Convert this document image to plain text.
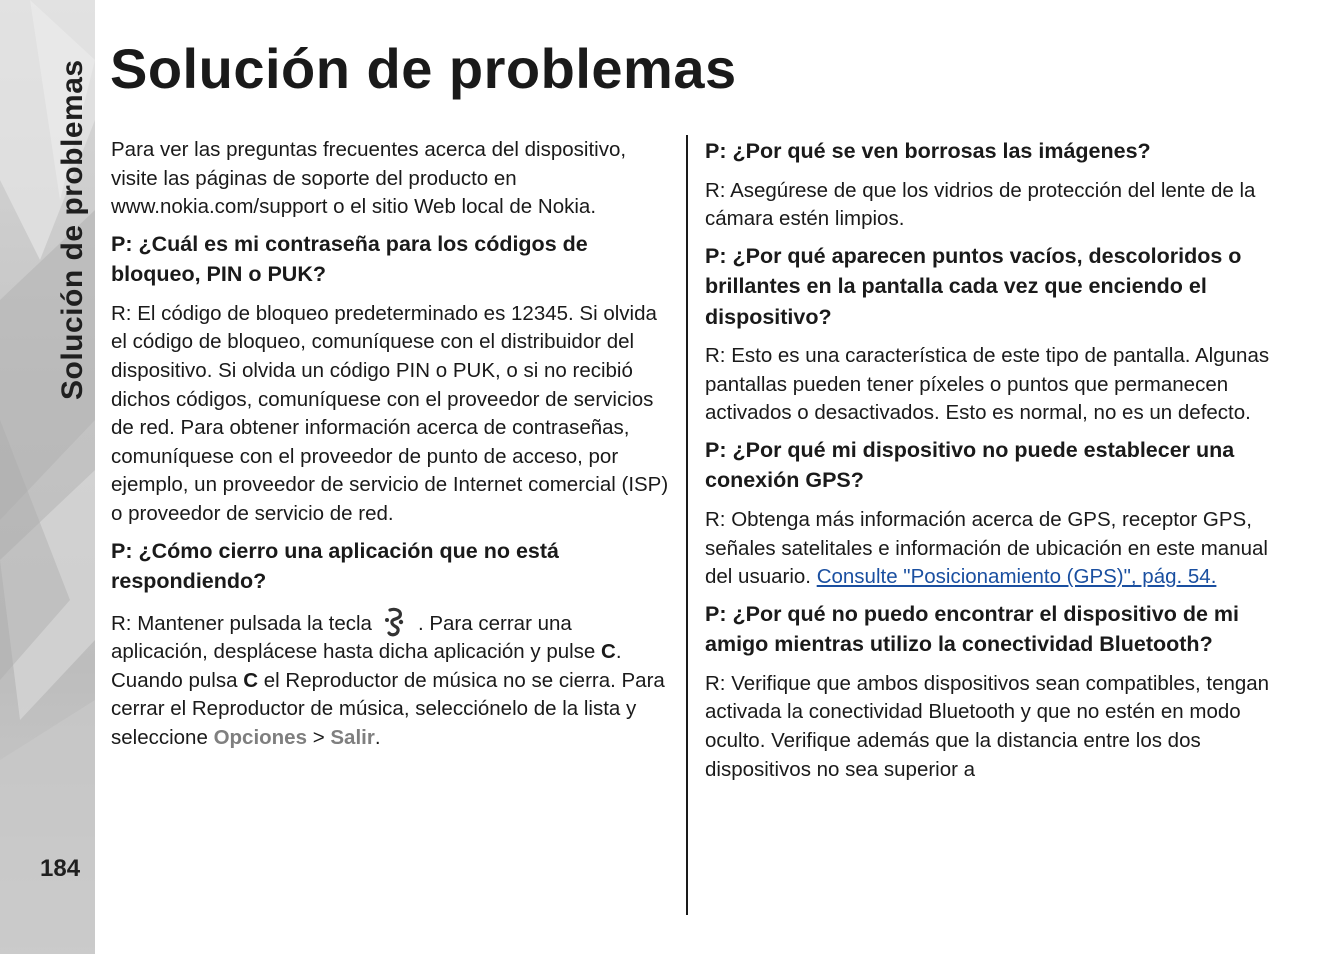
Solución de problemas
184
Solución de problemas

Para ver las preguntas frecuentes acerca del dispositivo, visite las páginas de soporte del producto en www.nokia.com/support o el sitio Web local de Nokia.

P: ¿Cuál es mi contraseña para los códigos de bloqueo, PIN o PUK?

R: El código de bloqueo predeterminado es 12345. Si olvida el código de bloqueo, comuníquese con el distribuidor del dispositivo. Si olvida un código PIN o PUK, o si no recibió dichos códigos, comuníquese con el proveedor de servicios de red. Para obtener información acerca de contraseñas, comuníquese con el proveedor de punto de acceso, por ejemplo, un proveedor de servicio de Internet comercial (ISP) o proveedor de servicio de red.

P: ¿Cómo cierro una aplicación que no está respondiendo?

R: Mantener pulsada la tecla . Para cerrar una aplicación, desplácese hasta dicha aplicación y pulse C. Cuando pulsa C el Reproductor de música no se cierra. Para cerrar el Reproductor de música, selecciónelo de la lista y seleccione Opciones > Salir.

P: ¿Por qué se ven borrosas las imágenes?

R: Asegúrese de que los vidrios de protección del lente de la cámara estén limpios.

P: ¿Por qué aparecen puntos vacíos, descoloridos o brillantes en la pantalla cada vez que enciendo el dispositivo?

R: Esto es una característica de este tipo de pantalla. Algunas pantallas pueden tener píxeles o puntos que permanecen activados o desactivados. Esto es normal, no es un defecto.

P: ¿Por qué mi dispositivo no puede establecer una conexión GPS?

R: Obtenga más información acerca de GPS, receptor GPS, señales satelitales e información de ubicación en este manual del usuario. Consulte "Posicionamiento (GPS)", pág. 54.

P: ¿Por qué no puedo encontrar el dispositivo de mi amigo mientras utilizo la conectividad Bluetooth?

R: Verifique que ambos dispositivos sean compatibles, tengan activada la conectividad Bluetooth y que no estén en modo oculto. Verifique además que la distancia entre los dos dispositivos no sea superior a
